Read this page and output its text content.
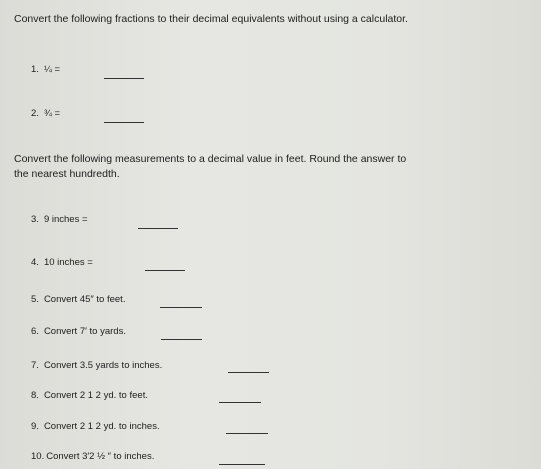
Convert the following fractions to their decimal equivalents without using a calculator.
1. ¼ =
2. ¾ =
Convert the following measurements to a decimal value in feet. Round the answer to
the nearest hundredth.
3. 9 inches =
4. 10 inches =
5. Convert 45″ to feet.
6. Convert 7′ to yards.
7. Convert 3.5 yards to inches.
8. Convert 2 1 2 yd. to feet.
9. Convert 2 1 2 yd. to inches.
10. Convert 3′2 ½ ″ to inches.
